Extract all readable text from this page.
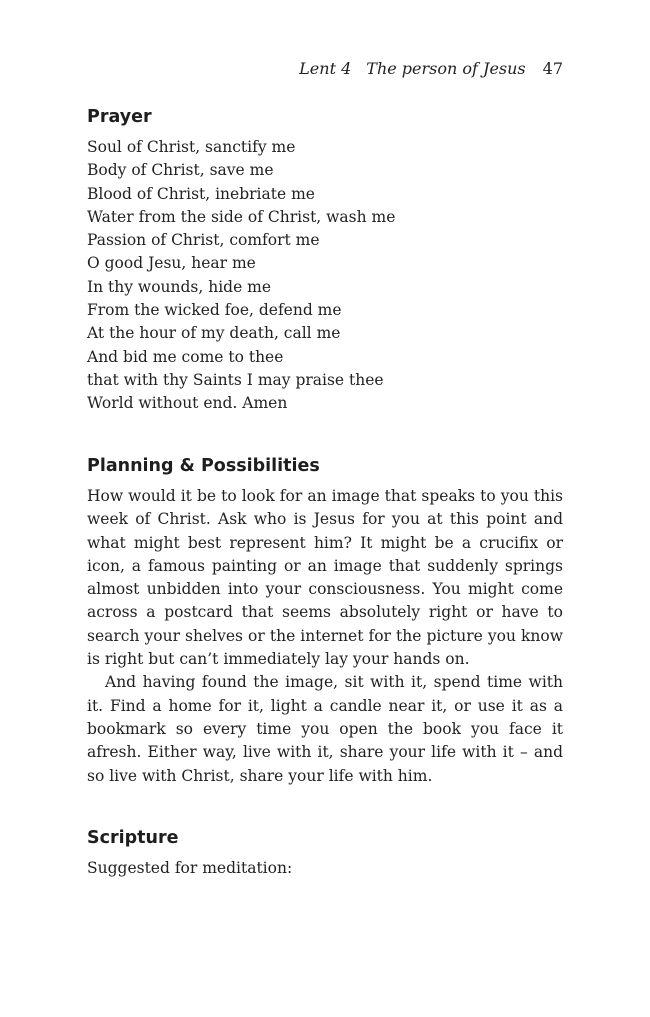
Lent 4 The person of Jesus 47
Prayer
Soul of Christ, sanctify me
Body of Christ, save me
Blood of Christ, inebriate me
Water from the side of Christ, wash me
Passion of Christ, comfort me
O good Jesu, hear me
In thy wounds, hide me
From the wicked foe, defend me
At the hour of my death, call me
And bid me come to thee
that with thy Saints I may praise thee
World without end. Amen
Planning & Possibilities

How would it be to look for an image that speaks to you this week of Christ. Ask who is Jesus for you at this point and what might best represent him? It might be a crucifix or icon, a famous painting or an image that suddenly springs almost unbidden into your consciousness. You might come across a postcard that seems absolutely right or have to search your shelves or the internet for the picture you know is right but can’t immediately lay your hands on.

And having found the image, sit with it, spend time with it. Find a home for it, light a candle near it, or use it as a bookmark so every time you open the book you face it afresh. Either way, live with it, share your life with it – and so live with Christ, share your life with him.

Scripture

Suggested for meditation:
